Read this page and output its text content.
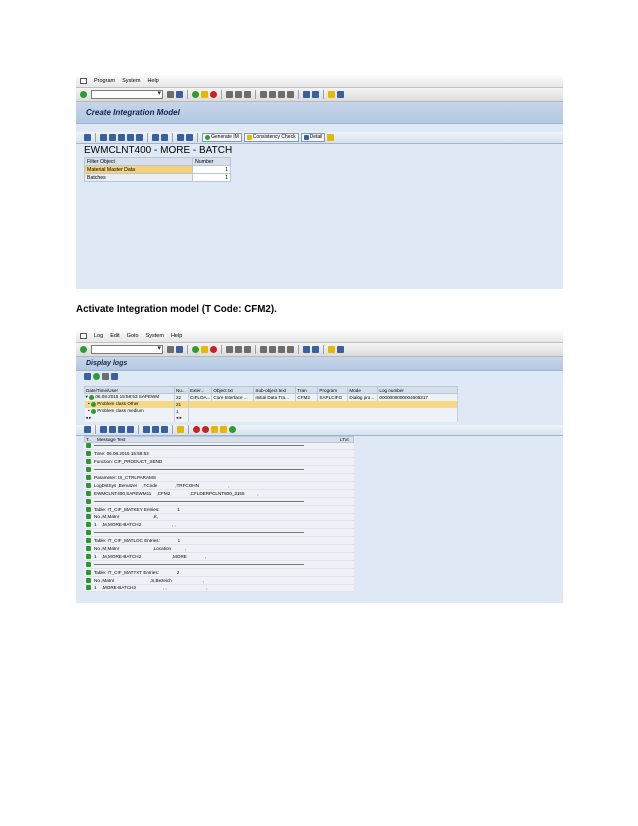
Program System Help
▾
Create Integration Model
Generate IM	Consistency Check	Detail
EWMCLNT400 - MORE - BATCH
Filter Object	Number
Material Master Data	1
Batches	1
Activate Integration model (T Code: CFM2).
Log Edit Goto System Help
▾
Display logs
Date/Time/User	Nu...	Exter...	Object txt	Sub-object text	Tran	Program	Mode	Log number
▾  06.08.2015 15:58:53 SAPEWM	22	CIFLOA...	Core Interface ...	Initial Data Tra...	CFM2	SAPLCIFG	Dialog pro...	0000000000004505317
•  Problem class Other	21							
•  Problem class medium	1							
◂ ▸	◂ ▸							
T..	Message Text	LTxt
Time: 06.08.2015 15:58:53
Function: CIF_PRODUCT_SEND
Parameter: IS_CTRLPARAMS
LogDstSys ,Benutzer    ,TCode              ,TRFCOHN                       ,
EWMCLNT400,SAPEWM11    ,CFM2               ,CFLDERPCLNT800_3155          ,
Table: IT_CIF_MATKEY Entries:              1
No.,M,Matnr                          ,K,
1    ,M,MORE-BATCH2                        , ,
Table: IT_CIF_MATLOC Entries:              1
No.,M,Matnr                          ,Location           ,
1    ,M,MORE-BATCH2                        ,MORE              ,
Table: IT_CIF_MATTXT Entries:              2
No.,Matnr                            ,S,Bezeich                        ,
1    ,MORE-BATCH2                     , ,                               ,
